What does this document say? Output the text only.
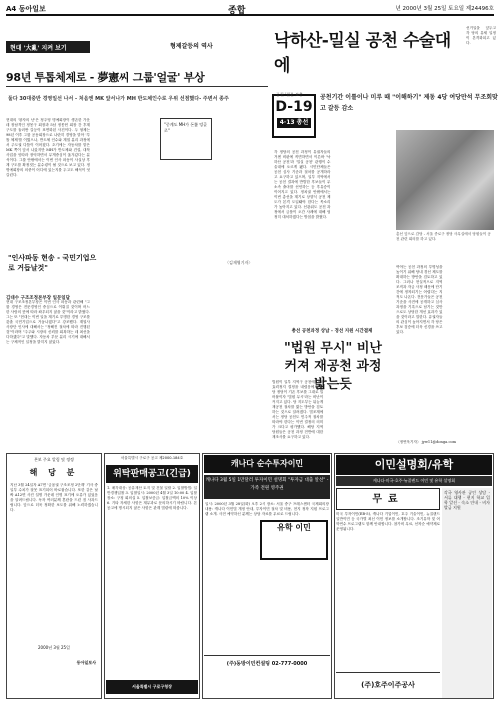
A4 동아일보	종합	년 2000년 3월 25일 토요일 제24496호
현대 '大亂' 지켜 보기	형제갈등의 역사
98년 투톱체제로 - 夢憲씨 그룹'얼굴' 부상
둘다 30대중반 경영일선 나서 - 처음엔 MK 앞서나가 MH 반도체인수로 우위 선점했다- 주변서 종주
현대의 '왕자의 난'은 정주영 명예회장이 생존한 가운데 장남격인 정몽구 회장과 5남 정몽헌 회장 간 후계 구도를 둘러싼 갈등이 표면화된 사건이다. 두 형제는 98년 이후 그룹 공동회장으로 나란히 경영을 맡아 '투톱 체제'를 이뤘으나, 반도체 인수와 계열 분리 과정에서 주도권 다툼이 이어졌다. 초기에는 자동차를 맡은 MK 쪽이 앞서 나갔지만 MH가 반도체와 건설, 대북사업을 잇따라 장악하면서 무게중심이 옮겨갔다는 분석이다. 그룹 안팎에서는 이번 인사 파동이 사실상 후계 구도를 확정짓는 분수령이 될 것으로 보고 있다. 정 명예회장의 의중이 어디에 있는지를 두고도 해석이 엇갈린다.
"중계도 MH가 돈쫓 덩골로"
"인사파동 현송 - 국민기업으로 거듭날것"
〈김재영기자〉
김대수 구조조정본부장 일문일답
현대 구조조정본부장은 이번 인사 파동과 관련해 "그룹 경영은 전문경영인 중심으로 이뤄질 것이며 어느 한 사람의 뜻에 따라 좌우되지 않을 것"이라고 밝혔다. 그는 또 "현대는 이번 일을 계기로 투명한 경영 구조를 갖춘 국민기업으로 거듭나겠다"고 강조했다. 계열사 사장단 인사에 대해서는 "정해진 절차에 따라 진행된 것"이라며 "주주와 시장의 신뢰를 회복하는 데 최선을 다하겠다"고 말했다. 자동차 부문 분리 시기에 대해서는 구체적인 일정을 밝히지 않았다.
낙하산-밀실 공천 수술대에
선거일을 앞두고 각 당의 유세 일정이 본격화되고 있다.
D-19
4·13 총선
공천 '결문 보충	공천기간 이틀이나 미루 때 "이해하기" 제동 4당 여당만석 무조회맞고 갈등 감소
각 정당의 공천 과정이 유권자들의 거센 비판에 직면하면서 이른바 '낙하산 공천'과 '밀실 공천' 관행이 수술대에 오르게 됐다. 시민단체들은 공천 심사 기준과 절차를 공개하라고 요구하고 있으며, 일부 지역에서는 공천 결과에 반발한 후보들이 무소속 출마를 선언하는 등 후유증이 이어지고 있다. 정치권 안팎에서는 이번 총선을 계기로 상향식 공천 제도가 본격 도입돼야 한다는 목소리가 높아지고 있다. 선관위도 공천 과정에서 금품이 오간 사례에 대해 엄정히 대처하겠다는 방침을 밝혔다.
총선 앞으로 감당 - 서울 종로구 정당 사무실에서 당원들이 공천 관련 회의를 하고 있다.
여야는 공천 과정의 투명성을 높이기 위해 당내 경선 제도를 확대하는 방안을 검토하고 있다. 그러나 현실적으로 지역 조직과 자금 사정 때문에 단기간에 정착되기는 어렵다는 지적도 나온다. 전문가들은 공천 기준을 사전에 공개하고 심사 과정을 기록으로 남기는 것만으로도 상당한 개선 효과가 있을 것이라고 말한다. 유권자들의 관심이 높아지면서 각 당은 후보 검증에 더욱 신경을 쓰고 있다.
총선 공천과정 상납 - 경선 지원 시간결제
"법원 무시" 비난 커져 재공천 과정 밟는듯
법원이 일부 지역구 공천에 대해 효력정지 결정을 내렸음에도 해당 정당이 기존 후보를 그대로 밀어붙이자 '법원 무시'라는 비난이 커지고 있다. 당 지도부는 뒤늦게 재공천 절차를 밟는 방안을 검토하는 것으로 알려졌다. 법조계에서는 정당 공천도 민주적 절차를 따라야 한다는 이번 결정의 의미가 크다고 평가했다. 해당 지역 당원들은 공천 과정 전반에 대한 재조사를 요구하고 있다.
〈정연욱기자〉 jyw11@donga.com
본보 주요 알림 및 정정
해 당 분
지난 3월 24일자 A7면 '금융권 구조조정 2단계' 기사 중 일부 수치가 잘못 표기되어 바로잡습니다. 또한 같은 날짜 A12면 사진 설명 가운데 인명 표기에 오류가 있었음을 알려드립니다. 독자 여러분께 혼란을 드린 점 사과드립니다. 앞으로 더욱 정확한 보도를 위해 노력하겠습니다.
2000년 3월 25일
동아일보사
서울특별시 구로구 공고 제2000-184호
위탁판매공고(긴급)
1. 매각대상: 공유재산 토지 및 건물 일괄 2. 입찰방법: 일반경쟁입찰 3. 입찰일시: 2000년 4월 3일 10:00 4. 입찰장소: 구청 회의실 5. 입찰보증금: 입찰금액의 10% 이상 6. 기타 자세한 사항은 재무과로 문의하시기 바랍니다. 본 공고에 명시되지 않은 사항은 관계 법령에 따릅니다.
서울특별시 구로구청장
캐나다 순수투자이민
캐나다 3월 5일 1만달러 투자이민 설명회 "투자금 대출 알선" - 가족 전원 영주권
일시: 2000년 3월 28일(화) 오후 2시 장소: 서울 중구 프레스센터 국제회의장 내용: 캐나다 이민법 개정 안내, 투자이민 절차 및 비용, 현지 정착 지원 프로그램 소개. 사전 예약하신 분께는 상담 자료를 무료로 드립니다.
유학 이민
(주)동방이민컨설팅 02-777-0000
이민설명회/유학
캐나다·미국·호주·뉴질랜드 이민 및 유학 설명회
무료
각국 영사관 공인 상담 - 서류 대행 - 현지 학교 입학 알선 - 숙소 안내 - 비자 발급 지원
미국 투자이민(EB-5), 캐나다 기업이민, 호주 기술이민, 뉴질랜드 일반이민 등 국가별 최신 이민 정보를 소개합니다. 조기유학 및 어학연수 프로그램도 함께 안내합니다. 참가비 무료, 선착순 예약제로 운영됩니다.
(주)호주이주공사
